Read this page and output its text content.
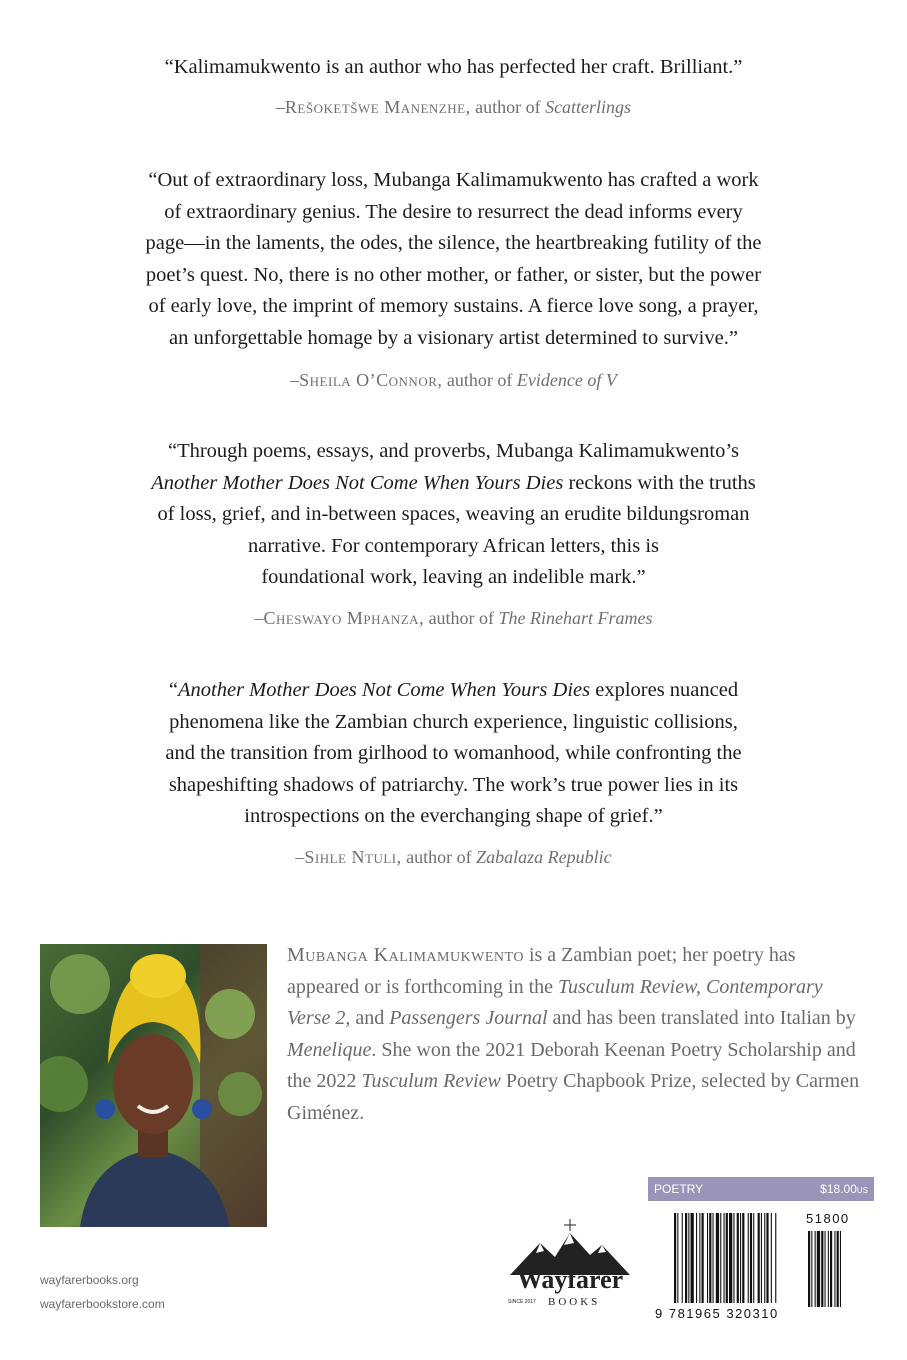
“Kalimamukwento is an author who has perfected her craft. Brilliant.”
–Rešoketšwe Manenzhe, author of Scatterlings
“Out of extraordinary loss, Mubanga Kalimamukwento has crafted a work
of extraordinary genius. The desire to resurrect the dead informs every
page—in the laments, the odes, the silence, the heartbreaking futility of the
poet’s quest. No, there is no other mother, or father, or sister, but the power
of early love, the imprint of memory sustains. A fierce love song, a prayer,
an unforgettable homage by a visionary artist determined to survive.”
–Sheila O’Connor, author of Evidence of V
“Through poems, essays, and proverbs, Mubanga Kalimamukwento’s
Another Mother Does Not Come When Yours Dies reckons with the truths
of loss, grief, and in-between spaces, weaving an erudite bildungsroman
narrative. For contemporary African letters, this is
foundational work, leaving an indelible mark.”
–Cheswayo Mphanza, author of The Rinehart Frames
“Another Mother Does Not Come When Yours Dies explores nuanced
phenomena like the Zambian church experience, linguistic collisions,
and the transition from girlhood to womanhood, while confronting the
shapeshifting shadows of patriarchy. The work’s true power lies in its
introspections on the everchanging shape of grief.”
–Sihle Ntuli, author of Zabalaza Republic
Mubanga Kalimamukwento is a Zambian poet; her poetry has appeared or is forthcoming in the Tusculum Review, Contemporary Verse 2, and Passengers Journal and has been translated into Italian by Menelique. She won the 2021 Deborah Keenan Poetry Scholarship and the 2022 Tusculum Review Poetry Chapbook Prize, selected by Carmen Giménez.
wayfarerbooks.org
wayfarerbookstore.com
Wayfarer
SINCE 2017 BOOKS
POETRY	$18.00US
51800
9 781965 320310
